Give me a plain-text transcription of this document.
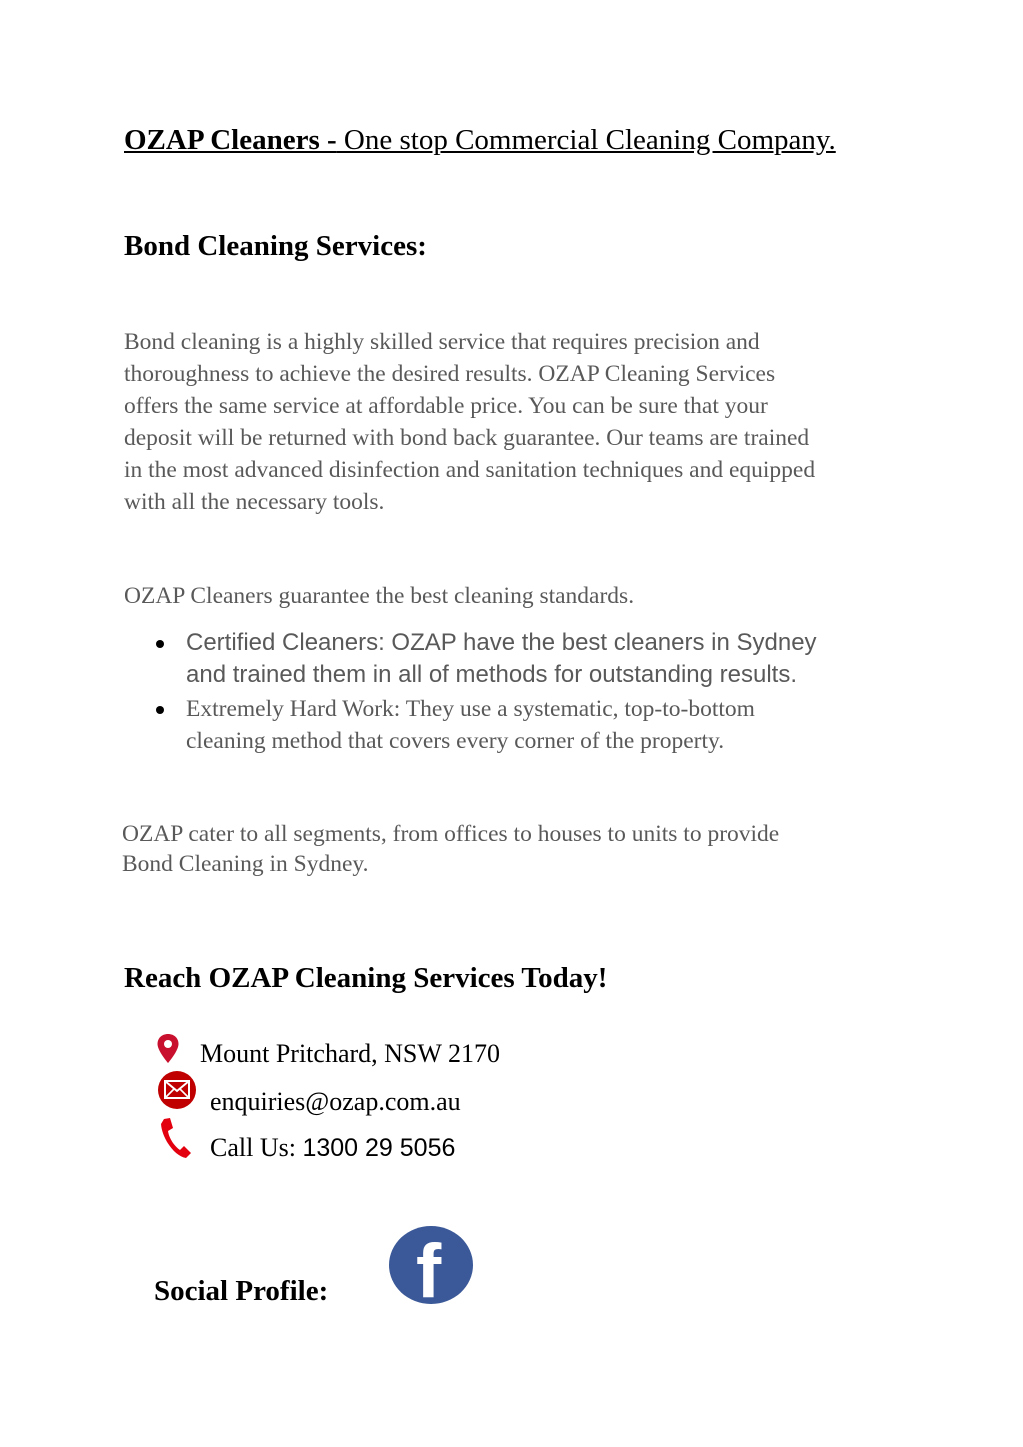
OZAP Cleaners - One stop Commercial Cleaning Company.
Bond Cleaning Services:
Bond cleaning is a highly skilled service that requires precision and
thoroughness to achieve the desired results. OZAP Cleaning Services
offers the same service at affordable price. You can be sure that your
deposit will be returned with bond back guarantee. Our teams are trained
in the most advanced disinfection and sanitation techniques and equipped
with all the necessary tools.
OZAP Cleaners guarantee the best cleaning standards.
Certified Cleaners: OZAP have the best cleaners in Sydney
and trained them in all of methods for outstanding results.
Extremely Hard Work: They use a systematic, top-to-bottom
cleaning method that covers every corner of the property.
OZAP cater to all segments, from offices to houses to units to provide
Bond Cleaning in Sydney.
Reach OZAP Cleaning Services Today!
Mount Pritchard, NSW 2170
enquiries@ozap.com.au
Call Us: 1300 29 5056
Social Profile: f
